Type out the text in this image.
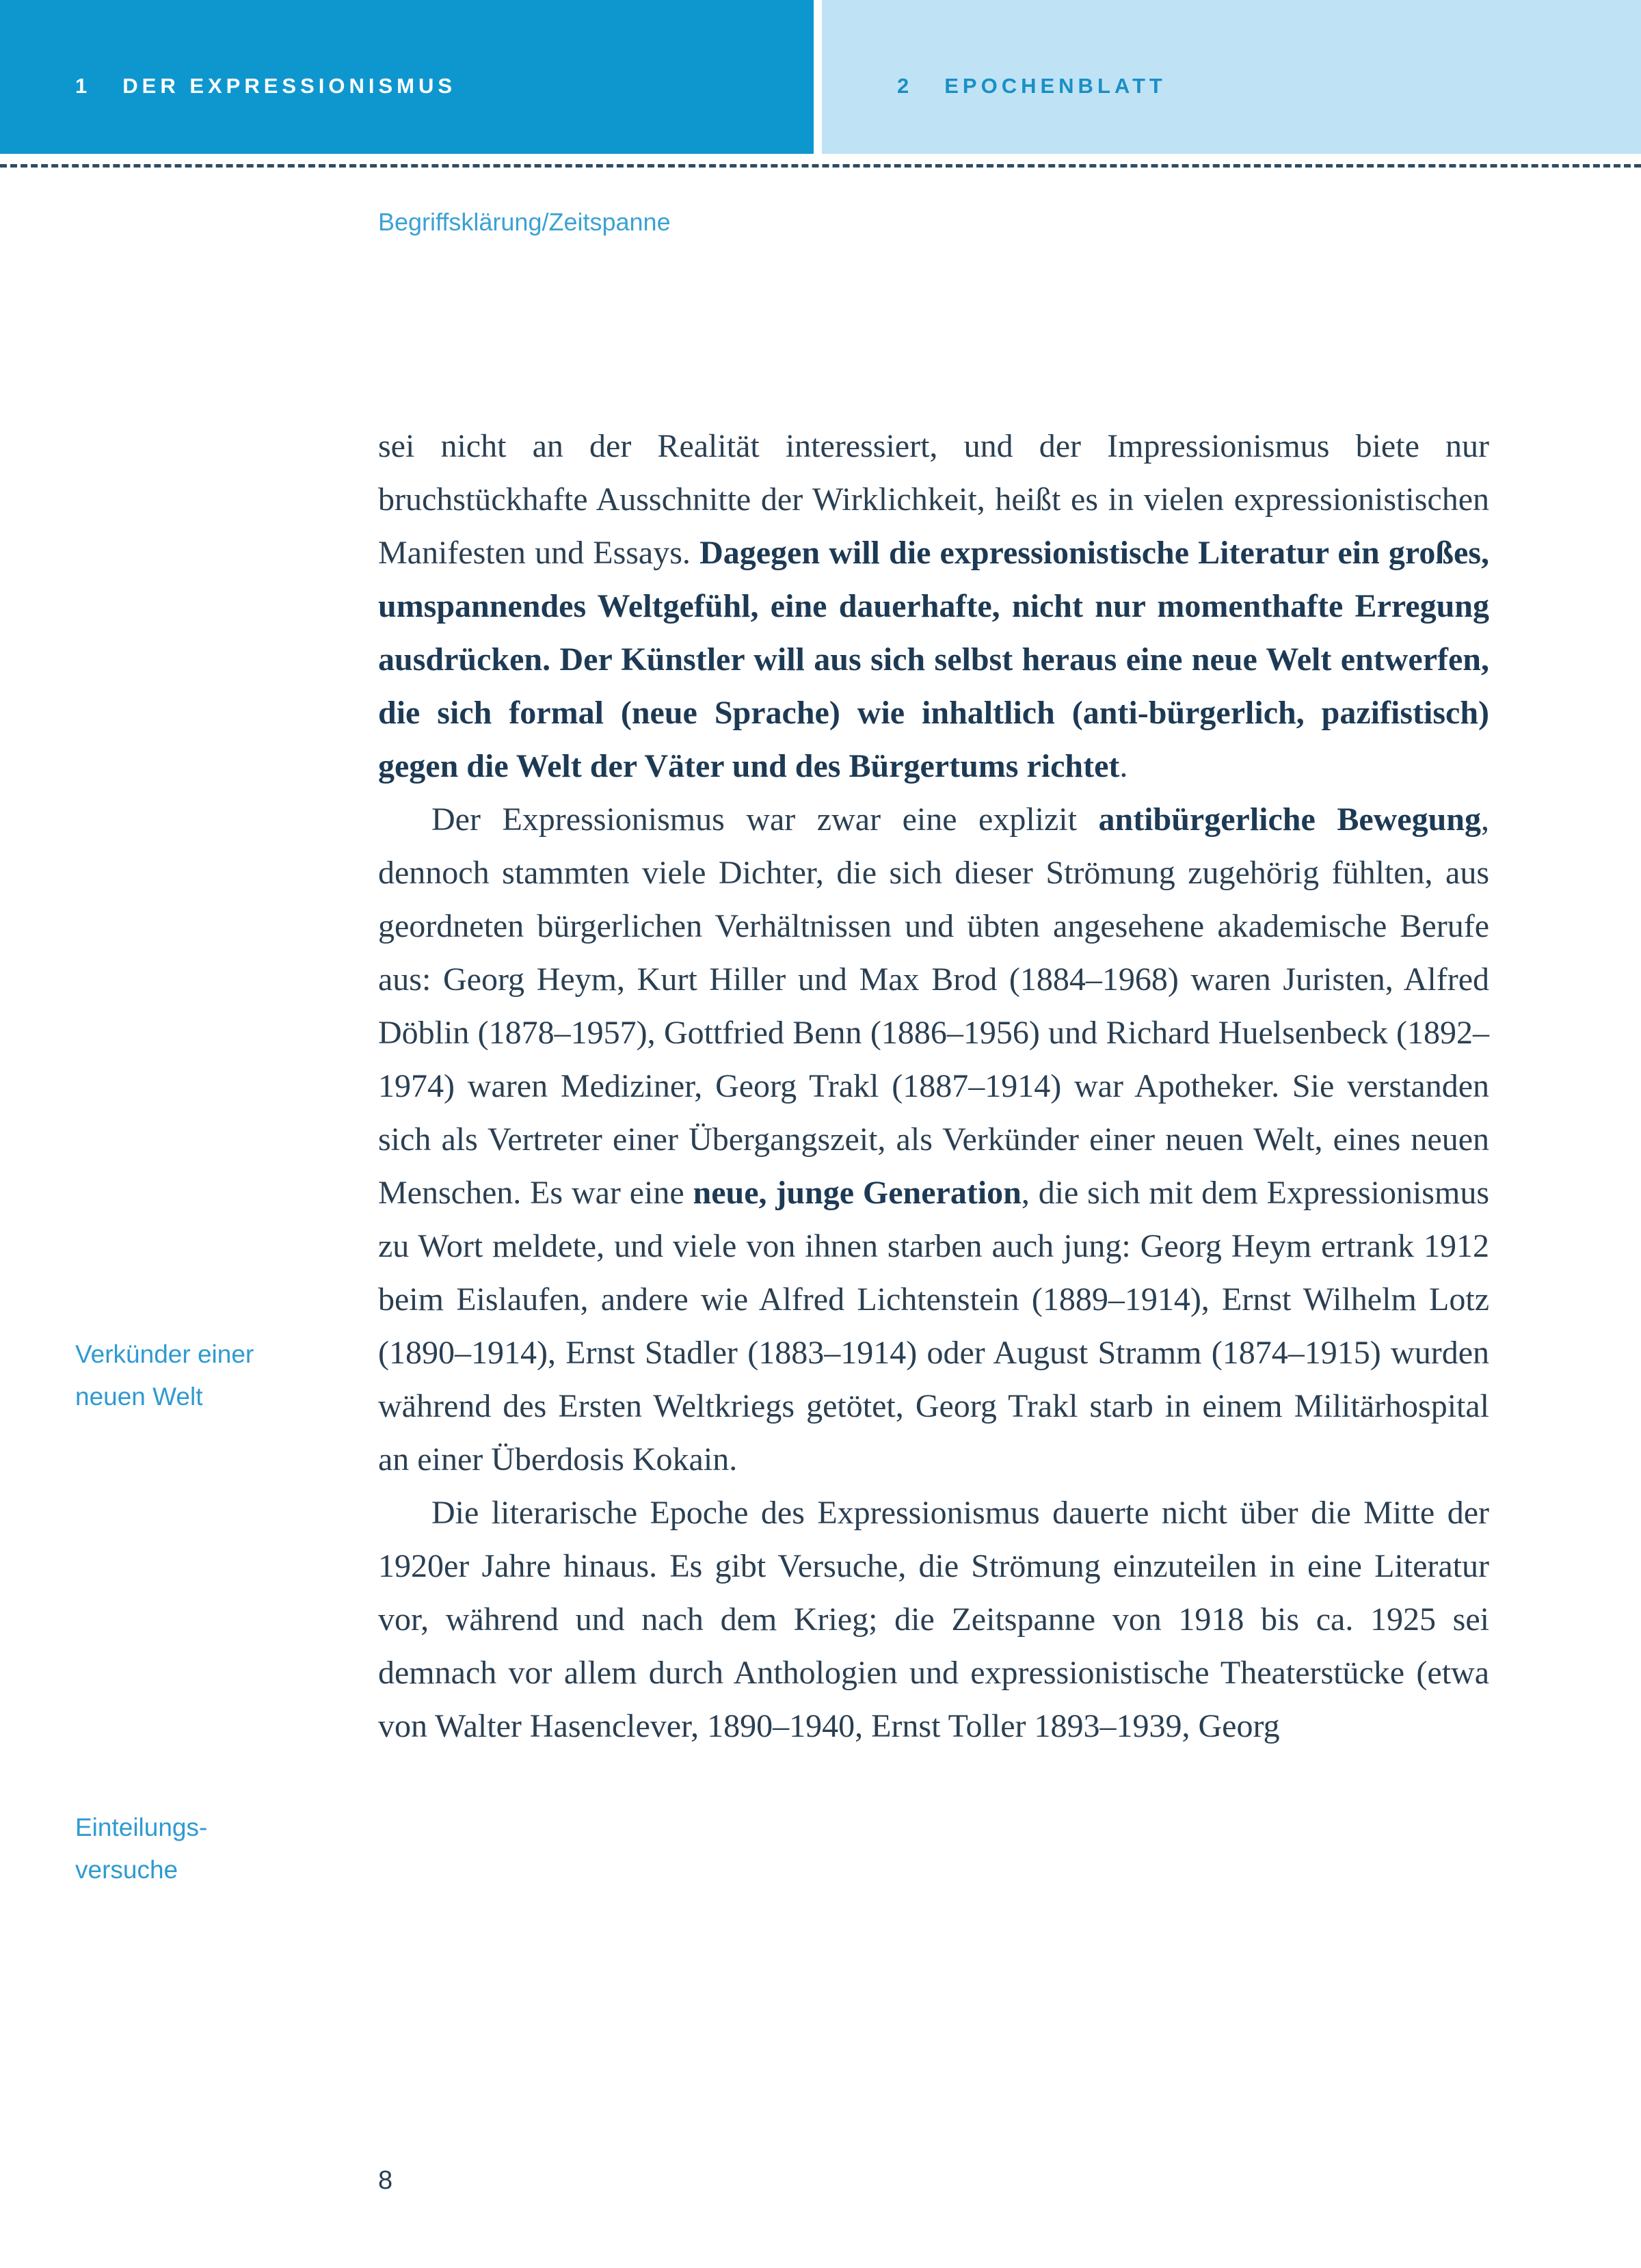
1 DER EXPRESSIONISMUS	2 EPOCHENBLATT
Begriffsklärung/Zeitspanne
Verkünder einer
neuen Welt
Einteilungs-
versuche

sei nicht an der Realität interessiert, und der Impressionismus biete nur bruchstückhafte Ausschnitte der Wirklichkeit, heißt es in vielen expressionistischen Manifesten und Essays. Dagegen will die expressionistische Literatur ein großes, umspannendes Weltgefühl, eine dauerhafte, nicht nur momenthafte Erregung ausdrücken. Der Künstler will aus sich selbst heraus eine neue Welt entwerfen, die sich formal (neue Sprache) wie inhaltlich (anti-bürgerlich, pazifistisch) gegen die Welt der Väter und des Bürgertums richtet.

Der Expressionismus war zwar eine explizit antibürgerliche Bewegung, dennoch stammten viele Dichter, die sich dieser Strömung zugehörig fühlten, aus geordneten bürgerlichen Verhältnissen und übten angesehene akademische Berufe aus: Georg Heym, Kurt Hiller und Max Brod (1884–1968) waren Juristen, Alfred Döblin (1878–1957), Gottfried Benn (1886–1956) und Richard Huelsenbeck (1892–1974) waren Mediziner, Georg Trakl (1887–1914) war Apotheker. Sie verstanden sich als Vertreter einer Übergangszeit, als Verkünder einer neuen Welt, eines neuen Menschen. Es war eine neue, junge Generation, die sich mit dem Expressionismus zu Wort meldete, und viele von ihnen starben auch jung: Georg Heym ertrank 1912 beim Eislaufen, andere wie Alfred Lichtenstein (1889–1914), Ernst Wilhelm Lotz (1890–1914), Ernst Stadler (1883–1914) oder August Stramm (1874–1915) wurden während des Ersten Weltkriegs getötet, Georg Trakl starb in einem Militärhospital an einer Überdosis Kokain.

Die literarische Epoche des Expressionismus dauerte nicht über die Mitte der 1920er Jahre hinaus. Es gibt Versuche, die Strömung einzuteilen in eine Literatur vor, während und nach dem Krieg; die Zeitspanne von 1918 bis ca. 1925 sei demnach vor allem durch Anthologien und expressionistische Theaterstücke (etwa von Walter Hasenclever, 1890–1940, Ernst Toller 1893–1939, Georg

8
